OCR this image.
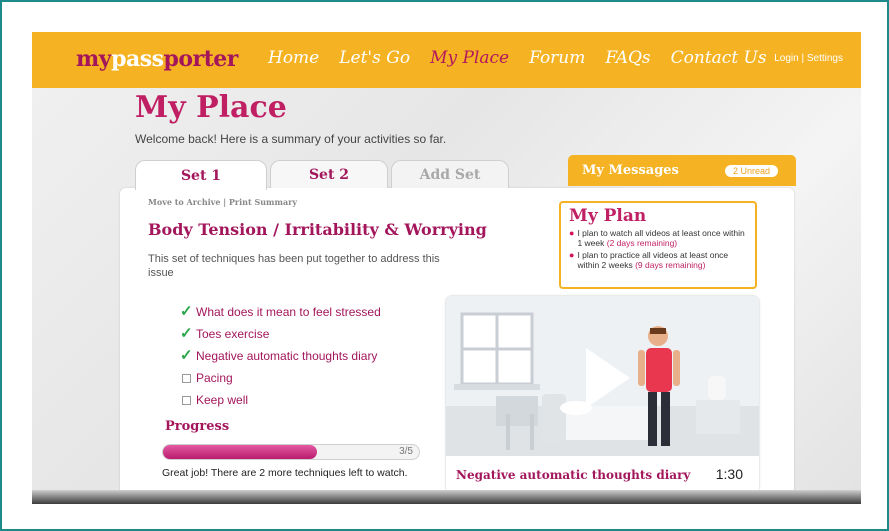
mypassporter Home Let's Go My Place Forum FAQs Contact Us Login | Settings
My Place
Welcome back! Here is a summary of your activities so far.
Set 1	Set 2	Add Set
Move to Archive | Print Summary
Body Tension / Irritability & Worrying
This set of techniques has been put together to address this issue
✓ What does it mean to feel stressed
✓ Toes exercise
✓ Negative automatic thoughts diary
Pacing
Keep well
Progress
3/5
Great job! There are 2 more techniques left to watch.
My Messages	2 Unread
My Plan
● I plan to watch all videos at least once within 1 week (2 days remaining)
● I plan to practice all videos at least once within 2 weeks (9 days remaining)
Negative automatic thoughts diary 1:30
